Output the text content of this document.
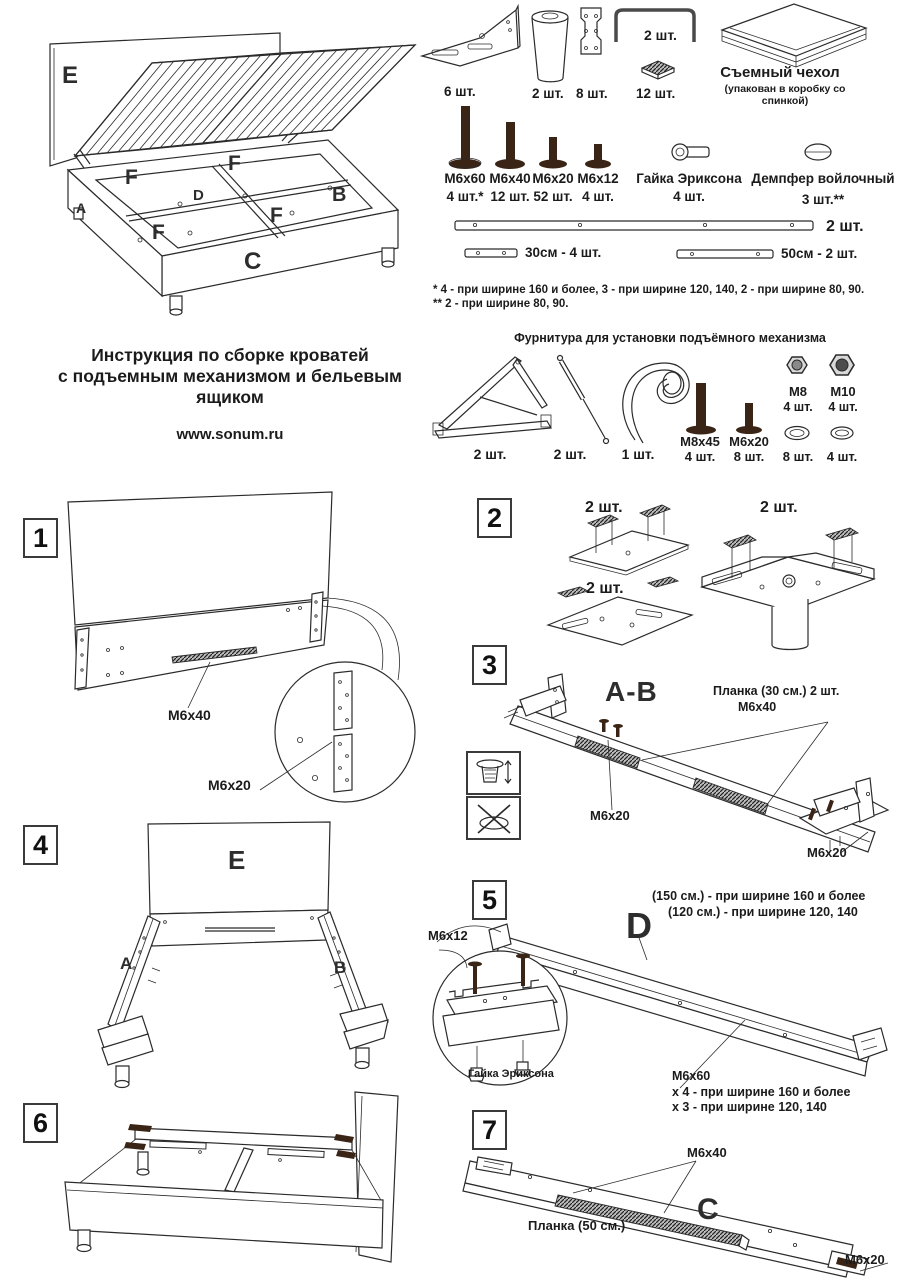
E
F
F
F
F
A
B
D
C
Инструкция по сборке кроватей
с подъемным механизмом и бельевым ящиком
www.sonum.ru
6 шт.	2 шт. 8 шт.
2 шт.
12 шт.
Съемный чехол
(упакован в коробку со спинкой)
М6х60 М6х40 М6х20 М6х12	Гайка Эриксона Демпфер войлочный
4 шт.* 12 шт. 52 шт. 4 шт.	4 шт.	3 шт.**
2 шт.
30см - 4 шт.	50см - 2 шт.
* 4 - при ширине 160 и более, 3 - при ширине 120, 140, 2 - при ширине 80, 90.
** 2 - при ширине 80, 90.
Фурнитура для установки подъёмного механизма
2 шт.	2 шт.	1 шт.
М8х45
4 шт.
М6х20
8 шт.
М8
4 шт.
М10
4 шт.
8 шт.	4 шт.
1
М6х40
М6х20
2	2 шт.	2 шт.
2 шт.
3
A-B	Планка (30 см.) 2 шт.
М6х40
М6х20
М6х20
4
E
A	B
5	(150 см.) - при ширине 160 и более
(120 см.) - при ширине 120, 140
М6х12	D
Гайка Эриксона	М6х60
х 4 - при ширине 160 и более
х 3 - при ширине 120, 140
6	7
М6х40
Планка (50 см.) C
М6х20
